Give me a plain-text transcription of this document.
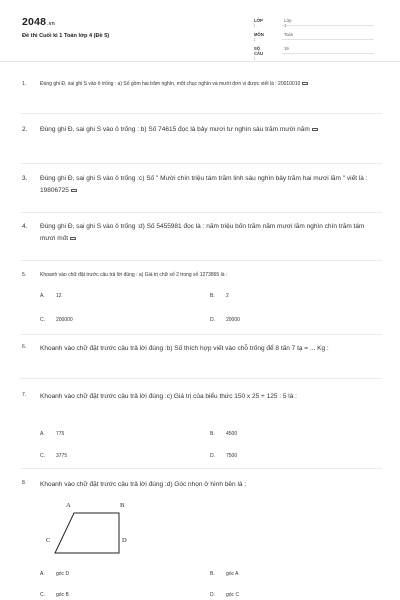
2048.vn
Đề thi Cuối kì 1 Toán lớp 4 (Đề 5)
LỚP :
Lớp 4
MÔN :
Toán
SỐ CÂU :
19
1.	Đúng ghi Đ, sai ghi S vào ô trống : a) Số gồm hai trăm nghìn, một chục nghìn và mười đơn vị được viết là : 20010010
2. Đúng ghi Đ, sai ghi S vào ô trống : b) Số 74615 đọc là bảy mươi tư nghìn sáu trăm mười năm
3. Đúng ghi Đ, sai ghi S vào ô trống :c) Số " Mười chín triệu tám trăm linh sáu nghìn bảy trăm hai mươi lăm " viết là : 19806725
4. Đúng ghi Đ, sai ghi S vào ô trống :d) Số 5455981 đọc là : năm triệu bốn trăm năm mươi lăm nghìn chín trăm tám mươi mốt
5.	Khoanh vào chữ đặt trước câu trả lời đúng : a) Giá trị chữ số 2 trong số 1273865 là :
A. 12	B. 2
C. 200000	D. 20000
6. Khoanh vào chữ đặt trước câu trả lời đúng :b) Số thích hợp viết vào chỗ trống để 8 tấn 7 tạ = ... Kg :
7. Khoanh vào chữ đặt trước câu trả lời đúng :c) Giá trị của biểu thức 150 x 25 + 125 : 5 là :
A. 775	B. 4500
C. 3775	D. 7500
8. Khoanh vào chữ đặt trước câu trả lời đúng :d) Góc nhọn ở hình bên là :
A. góc D	B. góc A
C. góc B	D. góc C
A	B
C	D
